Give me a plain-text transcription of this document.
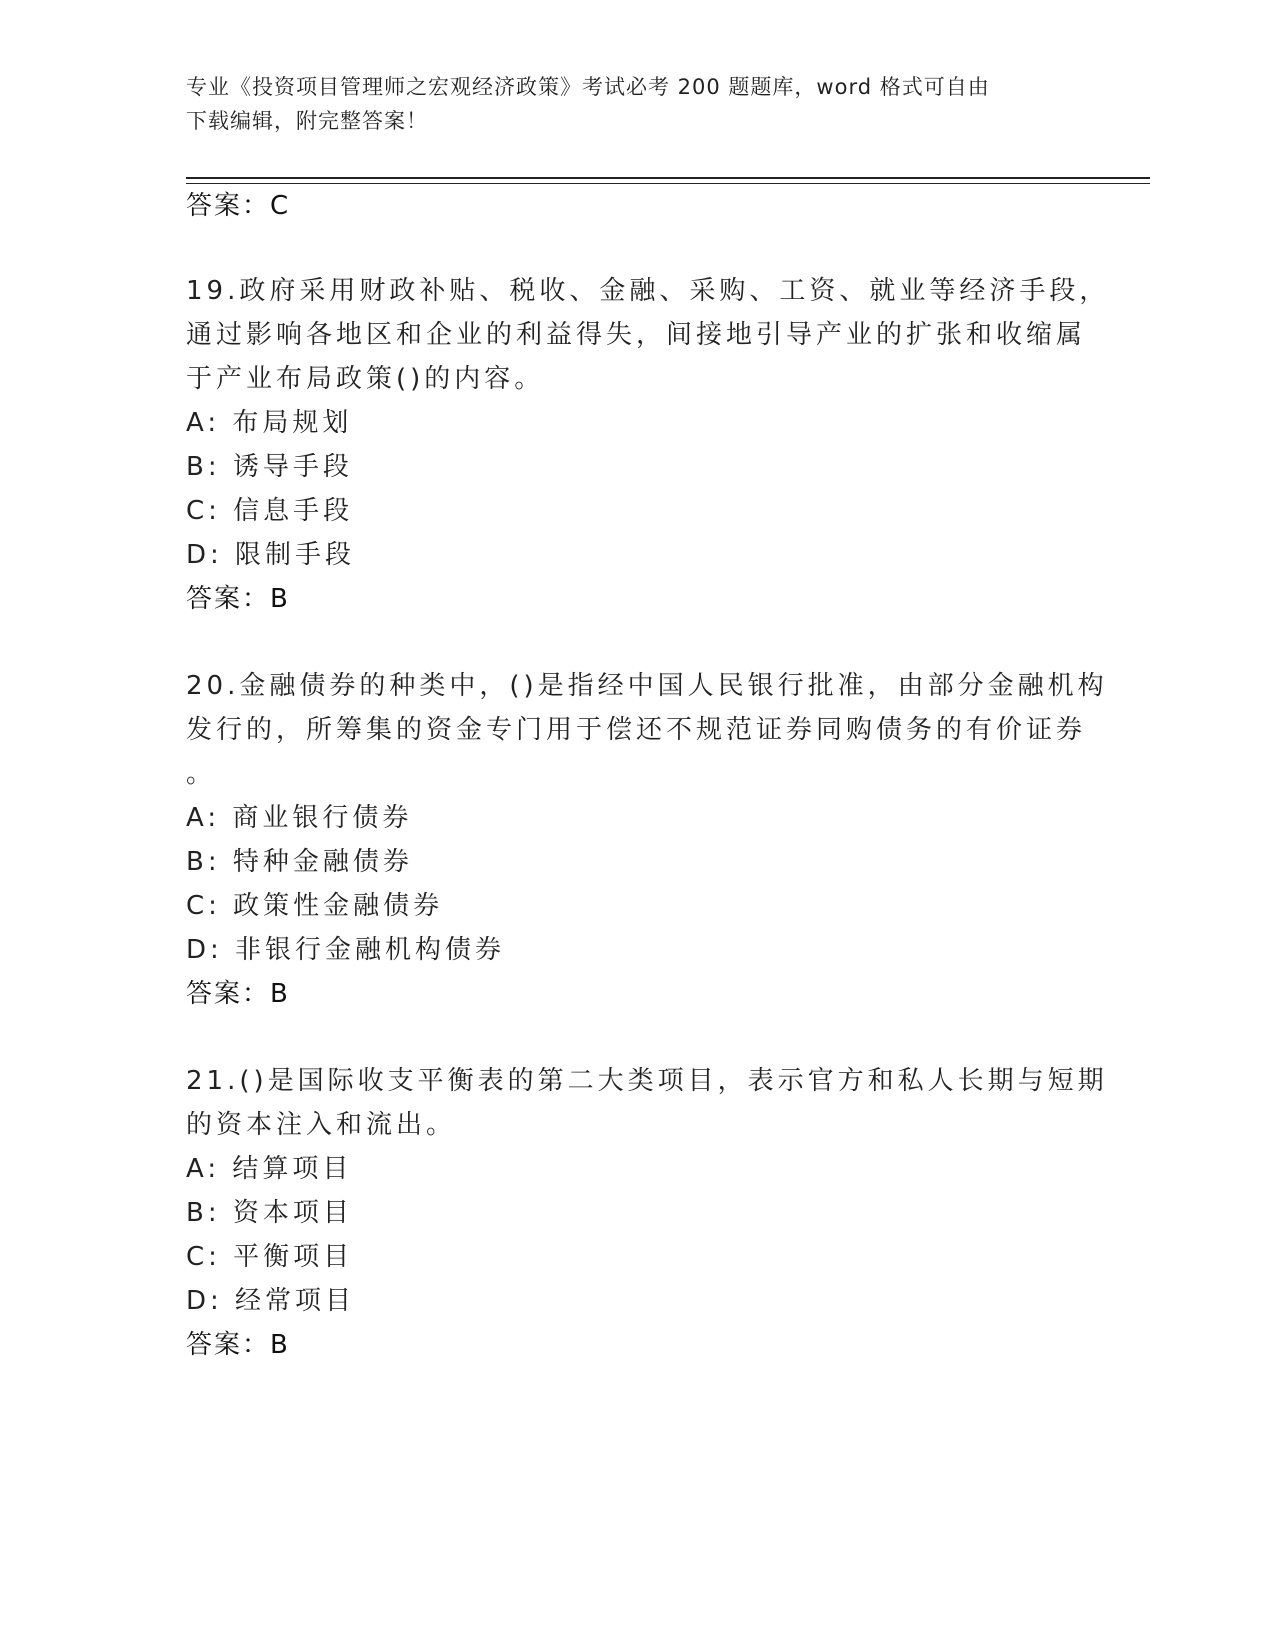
专业《投资项目管理师之宏观经济政策》考试必考 200 题题库，word 格式可自由
下载编辑，附完整答案！
答案：C
19.政府采用财政补贴、税收、金融、采购、工资、就业等经济手段，
通过影响各地区和企业的利益得失，间接地引导产业的扩张和收缩属
于产业布局政策()的内容。
A: 布局规划
B: 诱导手段
C: 信息手段
D: 限制手段
答案：B
20.金融债券的种类中，()是指经中国人民银行批准，由部分金融机构
发行的，所筹集的资金专门用于偿还不规范证券同购债务的有价证券
。
A: 商业银行债券
B: 特种金融债券
C: 政策性金融债券
D: 非银行金融机构债券
答案：B
21.()是国际收支平衡表的第二大类项目，表示官方和私人长期与短期
的资本注入和流出。
A: 结算项目
B: 资本项目
C: 平衡项目
D: 经常项目
答案：B
